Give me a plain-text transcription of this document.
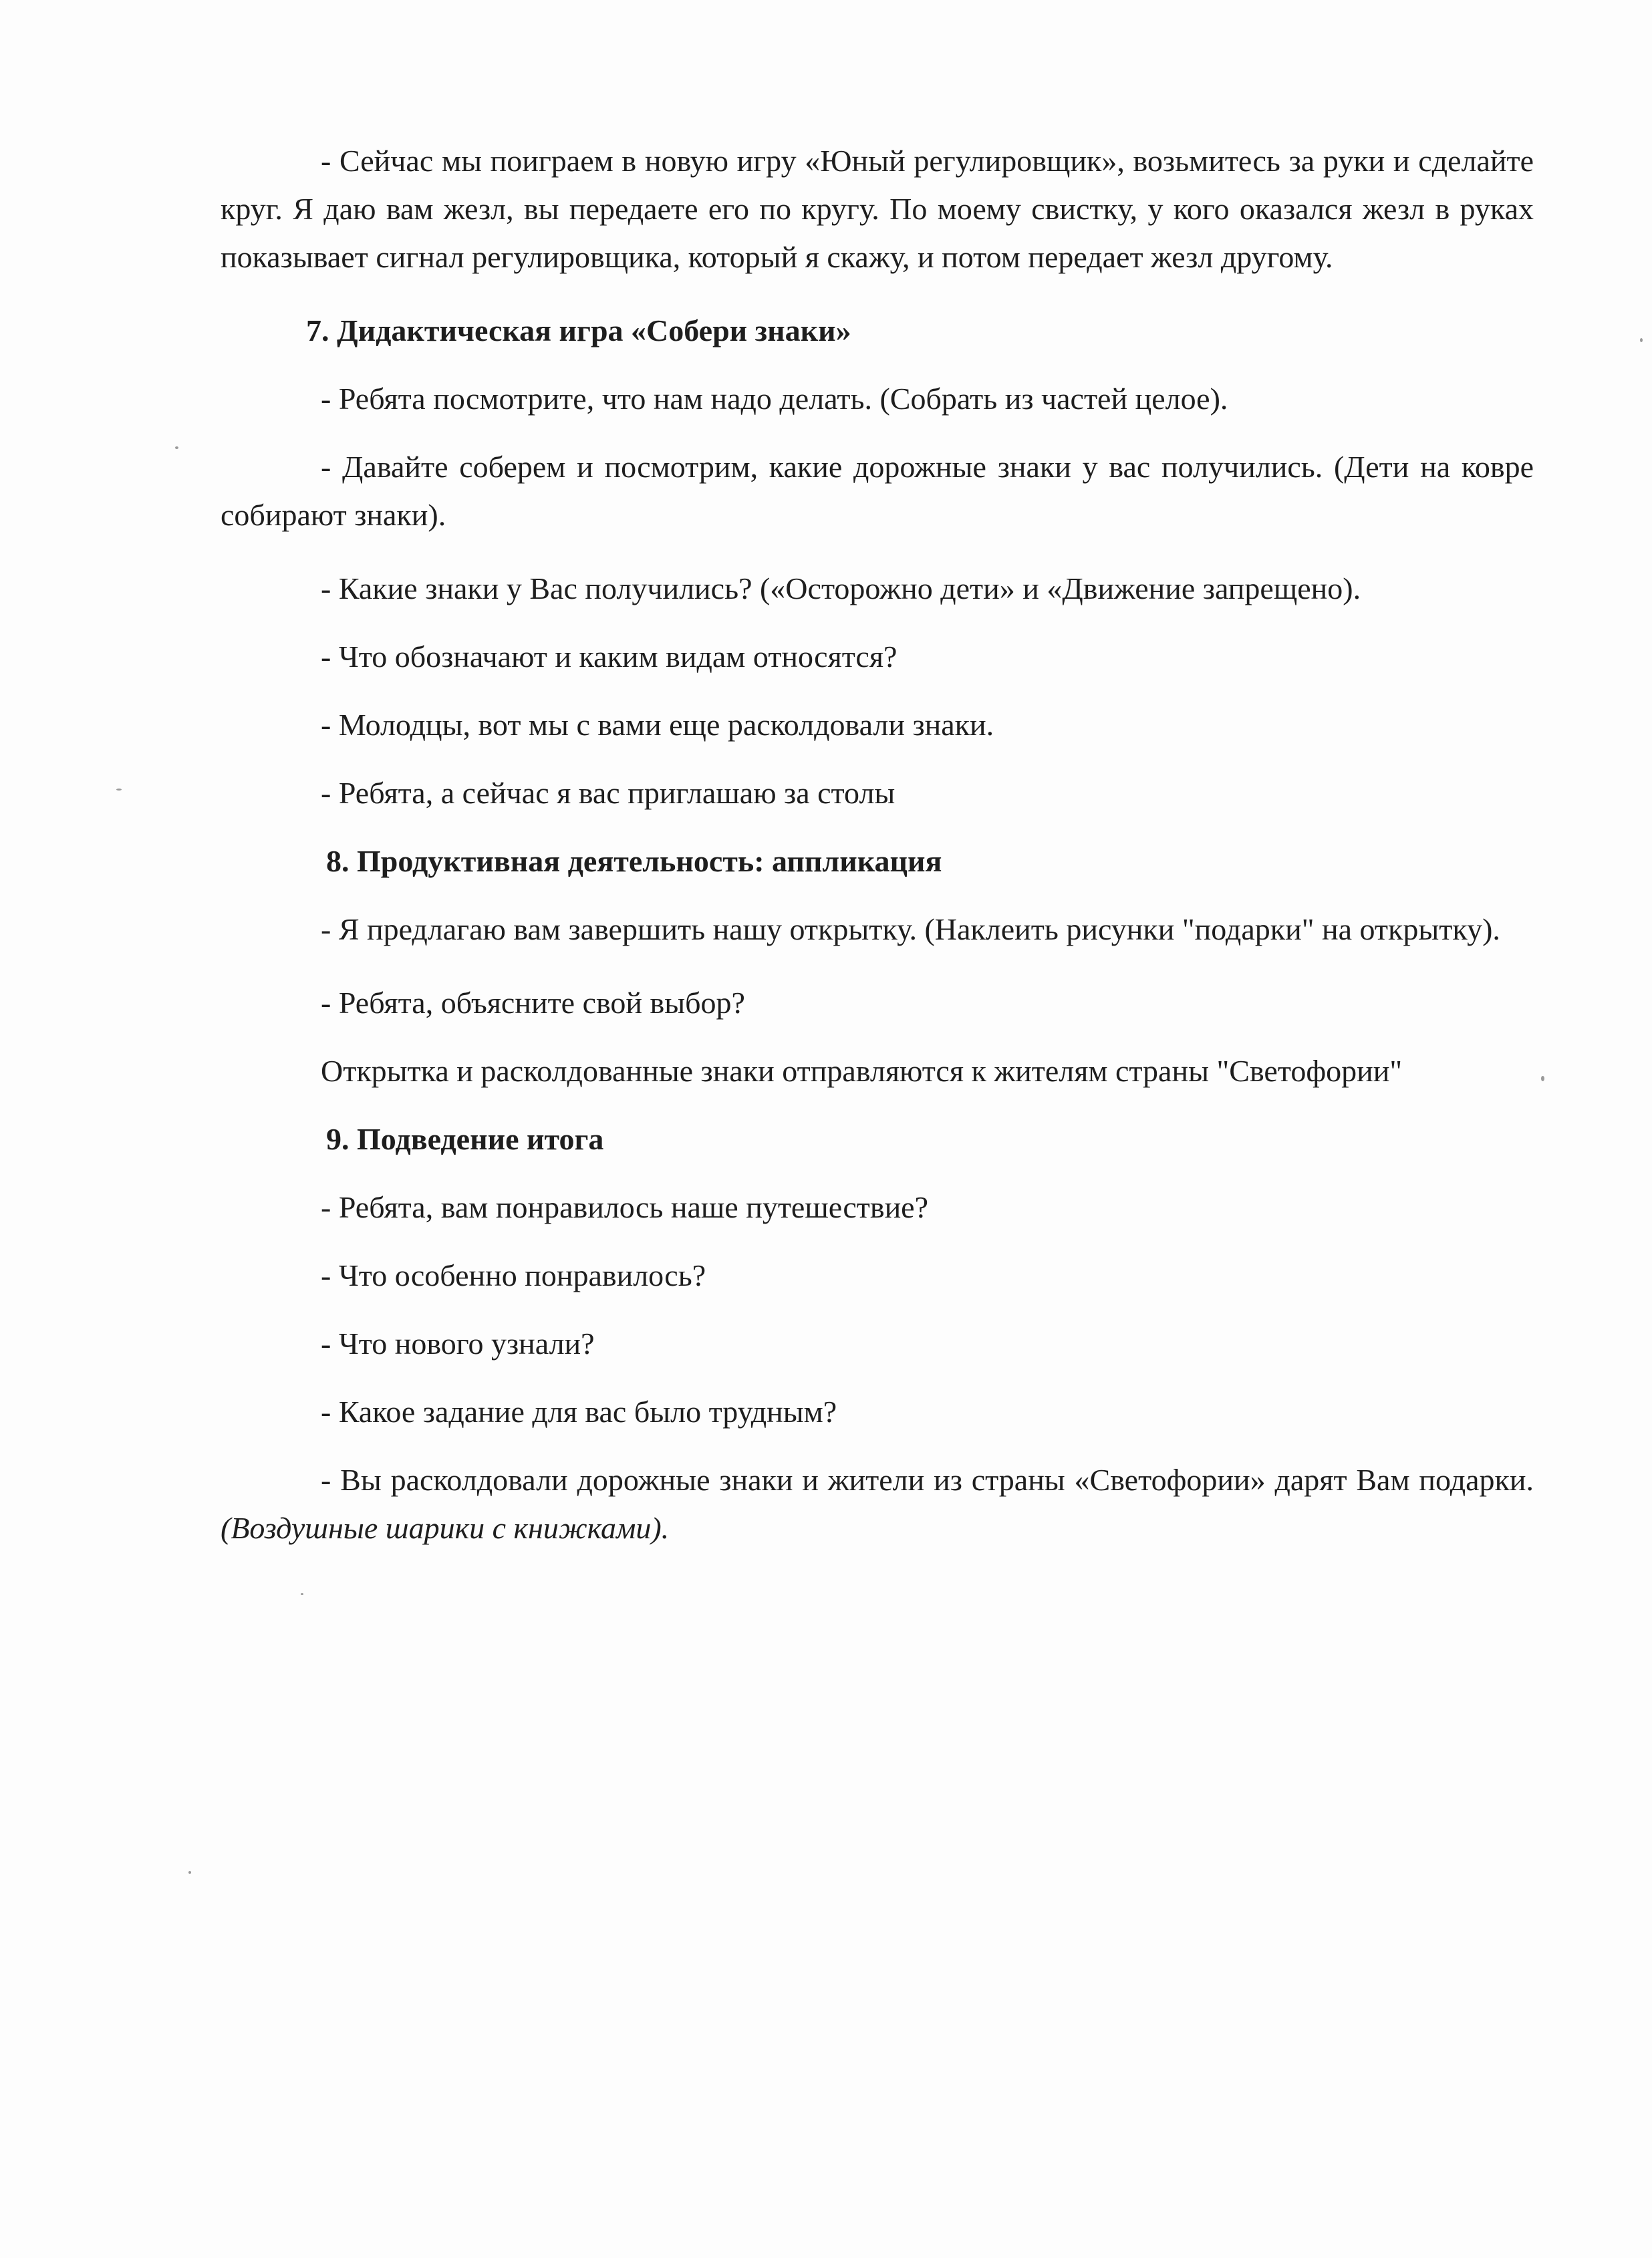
- Сейчас мы поиграем в новую игру «Юный регулировщик», возьмитесь за руки и сделайте круг. Я даю вам жезл, вы передаете его по кругу. По моему свистку, у кого оказался жезл в руках показывает сигнал регулировщика, который я скажу, и потом передает жезл другому.

7. Дидактическая игра «Собери знаки»

- Ребята посмотрите, что нам надо делать. (Собрать из частей целое).

- Давайте соберем и посмотрим, какие дорожные знаки у вас получились. (Дети на ковре собирают знаки).

- Какие знаки у Вас получились? («Осторожно дети» и «Движение запрещено).

- Что обозначают и каким видам относятся?

- Молодцы, вот мы с вами еще расколдовали знаки.

- Ребята, а сейчас я вас приглашаю за столы

8. Продуктивная деятельность: аппликация

- Я предлагаю вам завершить нашу открытку. (Наклеить рисунки "подарки" на открытку).

- Ребята, объясните свой выбор?

Открытка и расколдованные знаки отправляются к жителям страны "Светофории"

9. Подведение итога

- Ребята, вам понравилось наше путешествие?

- Что особенно понравилось?

- Что нового узнали?

- Какое задание для вас было трудным?

- Вы расколдовали дорожные знаки и жители из страны «Светофории» дарят Вам подарки. (Воздушные шарики с книжками).
